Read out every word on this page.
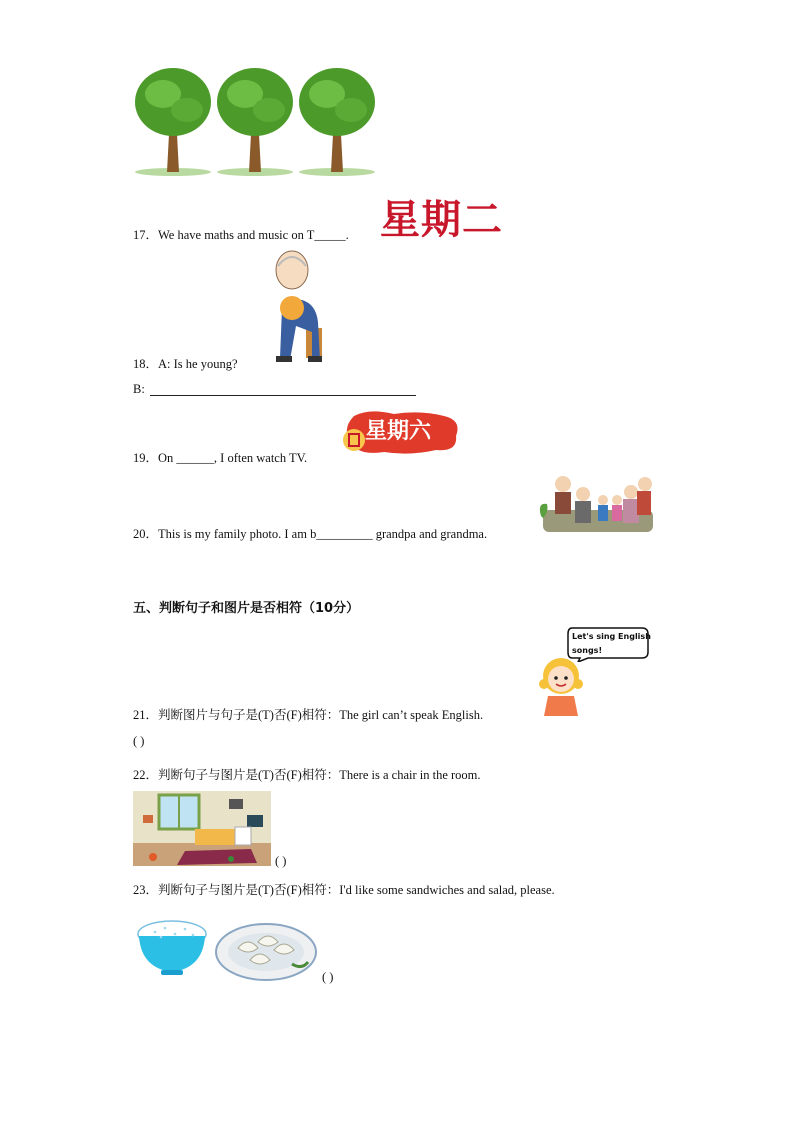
17．We have maths and music on T_____. 星期二
18．A: Is he young?
B:
19．On ______, I often watch TV.
星期六
20．This is my family photo. I am b_________ grandpa and grandma.
五、判断句子和图片是否相符（10分）
Let's sing English
songs!
21．判断图片与句子是(T)否(F)相符：The girl can’t speak English.
( )
22．判断句子与图片是(T)否(F)相符：There is a chair in the room.
( )
23．判断句子与图片是(T)否(F)相符：I'd like some sandwiches and salad, please.
( )
